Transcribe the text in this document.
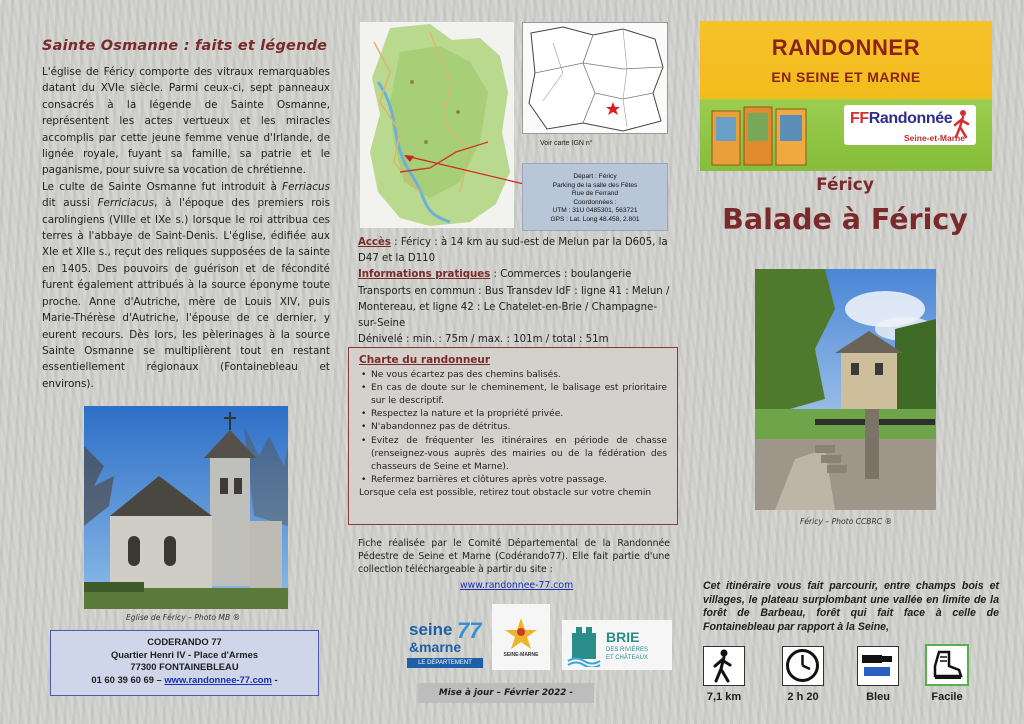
Sainte Osmanne : faits et légende

L'église de Féricy comporte des vitraux remarquables datant du XVIe siècle. Parmi ceux-ci, sept panneaux consacrés à la légende de Sainte Osmanne, représentent les actes vertueux et les miracles accomplis par cette jeune femme venue d'Irlande, de lignée royale, fuyant sa famille, sa patrie et le paganisme, pour suivre sa vocation de chrétienne.

Le culte de Sainte Osmanne fut introduit à Ferriacus dit aussi Ferriciacus, à l'époque des premiers rois carolingiens (VIIIe et IXe s.) lorsque le roi attribua ces terres à l'abbaye de Saint-Denis. L'église, édifiée aux XIe et XIIe s., reçut des reliques supposées de la sainte en 1405. Des pouvoirs de guérison et de fécondité furent également attribués à la source éponyme toute proche. Anne d'Autriche, mère de Louis XIV, puis Marie-Thérèse d'Autriche, l'épouse de ce dernier, y eurent recours. Dès lors, les pèlerinages à la source Sainte Osmanne se multiplièrent tout en restant essentiellement régionaux (Fontainebleau et environs).

Eglise de Féricy – Photo MB ®
CODERANDO 77
Quartier Henri IV - Place d'Armes
77300 FONTAINEBLEAU
01 60 39 60 69 – www.randonnee-77.com -
Voir carte IGN n°
Départ : Féricy
Parking de la salle des Fêtes
Rue de Ferrand
Coordonnées :
UTM : 31U 0485301, 563721
GPS : Lat. Long 48.458, 2.801
Accès : Féricy : à 14 km au sud-est de Melun par la D605, la D47 et la D110
Informations pratiques : Commerces : boulangerie
Transports en commun : Bus Transdev IdF : ligne 41 : Melun / Montereau, et ligne 42 : Le Chatelet-en-Brie / Champagne-sur-Seine
Dénivelé : min. : 75m / max. : 101m / total : 51m
Charte du randonneur
• Ne vous écartez pas des chemins balisés.
• En cas de doute sur le cheminement, le balisage est prioritaire sur le descriptif.
• Respectez la nature et la propriété privée.
• N'abandonnez pas de détritus.
• Evitez de fréquenter les itinéraires en période de chasse (renseignez-vous auprès des mairies ou de la fédération des chasseurs de Seine et Marne).
• Refermez barrières et clôtures après votre passage.
Lorsque cela est possible, retirez tout obstacle sur votre chemin
Fiche réalisée par le Comité Départemental de la Randonnée Pédestre de Seine et Marne (Codérando77). Elle fait partie d'une collection téléchargeable à partir du site :
www.randonnee-77.com
seine 77
&marne
LE DÉPARTEMENT
SEINE-MARNE
BRIE
DES RIVIÈRES
ET CHÂTEAUX
Mise à jour – Février 2022 -
RANDONNER
EN SEINE ET MARNE
FFRandonnée
Seine-et-Marne
Féricy
Balade à Féricy
Féricy – Photo CCBRC ®
Cet itinéraire vous fait parcourir, entre champs bois et villages, le plateau surplombant une vallée en limite de la forêt de Barbeau, forêt qui fait face à celle de Fontainebleau par rapport à la Seine,
7,1 km	2 h 20	Bleu	Facile
